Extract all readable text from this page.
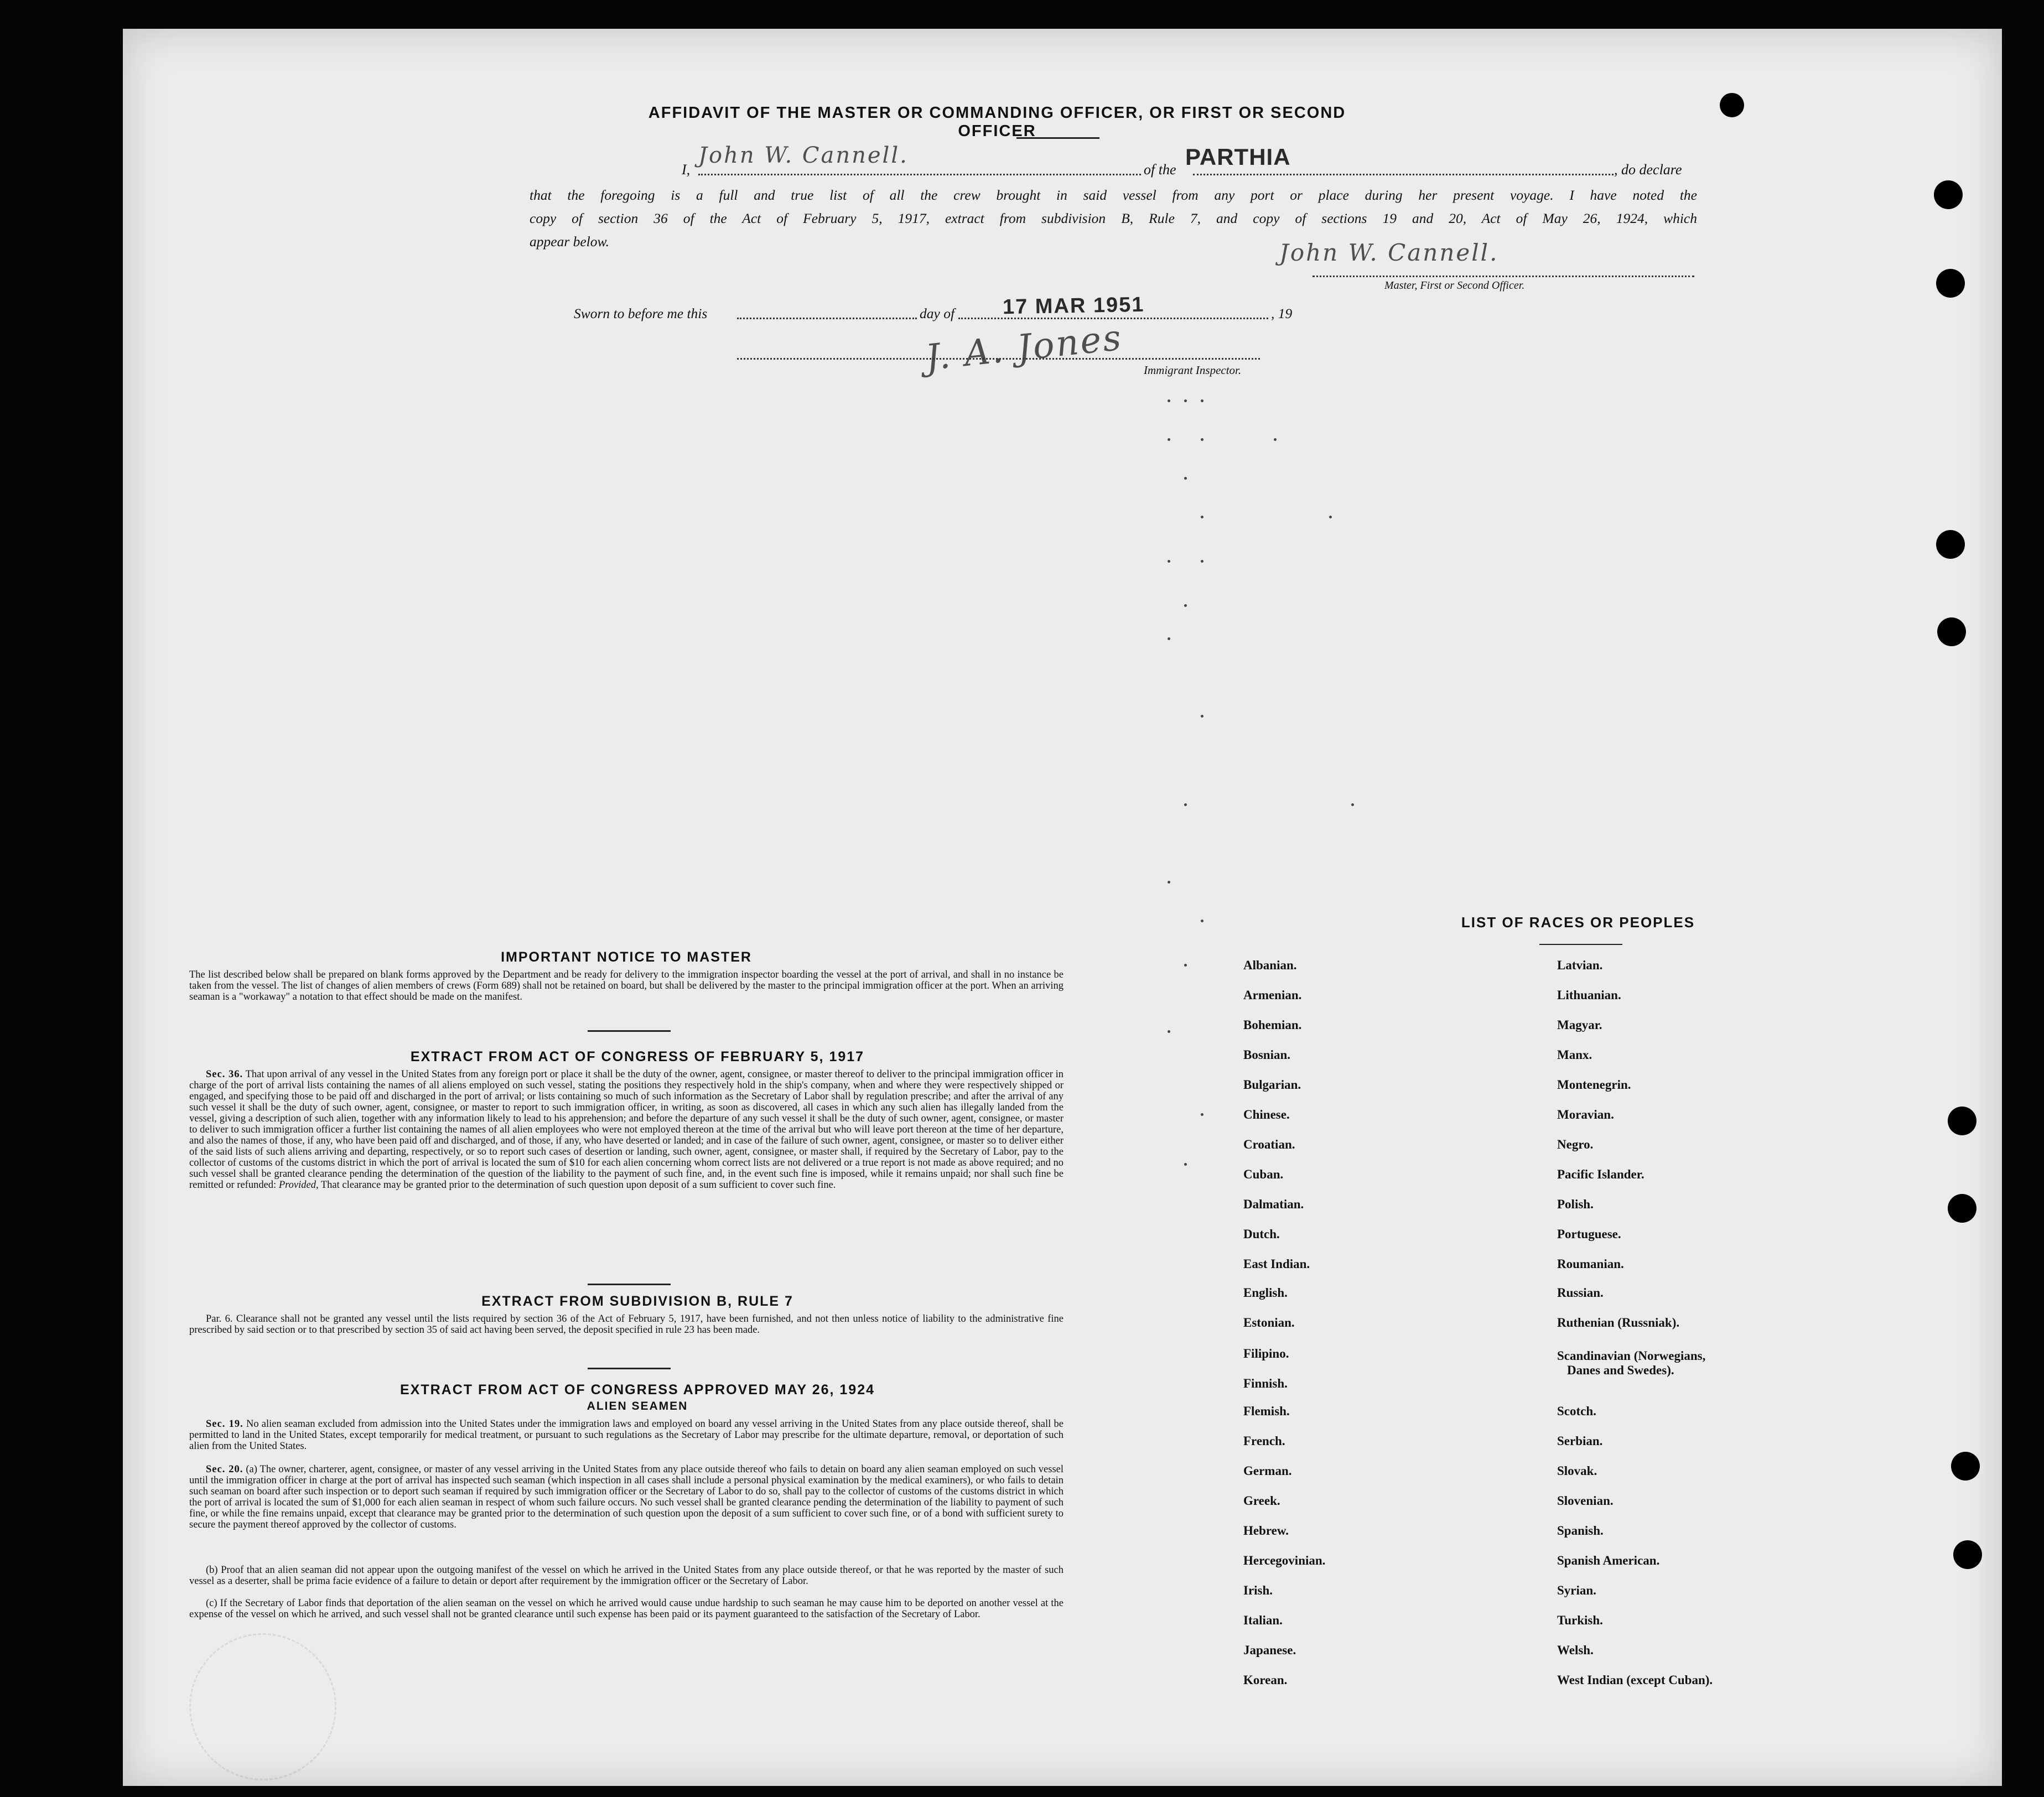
AFFIDAVIT OF THE MASTER OR COMMANDING OFFICER, OR FIRST OR SECOND OFFICER
I,
John W. Cannell.
of the PARTHIA	, do declare
that the foregoing is a full and true list of all the crew brought in said vessel from any port or place during her present voyage. I have noted the
copy of section 36 of the Act of February 5, 1917, extract from subdivision B, Rule 7, and copy of sections 19 and 20, Act of May 26, 1924, which
appear below.	John W. Cannell.
Master, First or Second Officer.
Sworn to before me this	day of 17 MAR 1951	, 19
J. A. Jones Immigrant Inspector.
IMPORTANT NOTICE TO MASTER

The list described below shall be prepared on blank forms approved by the Department and be ready for delivery to the immigration inspector boarding the vessel at the port of arrival, and shall in no instance be taken from the vessel. The list of changes of alien members of crews (Form 689) shall not be retained on board, but shall be delivered by the master to the principal immigration officer at the port. When an arriving seaman is a "workaway" a notation to that effect should be made on the manifest.

EXTRACT FROM ACT OF CONGRESS OF FEBRUARY 5, 1917

Sec. 36. That upon arrival of any vessel in the United States from any foreign port or place it shall be the duty of the owner, agent, consignee, or master thereof to deliver to the principal immigration officer in charge of the port of arrival lists containing the names of all aliens employed on such vessel, stating the positions they respectively hold in the ship's company, when and where they were respectively shipped or engaged, and specifying those to be paid off and discharged in the port of arrival; or lists containing so much of such information as the Secretary of Labor shall by regulation prescribe; and after the arrival of any such vessel it shall be the duty of such owner, agent, consignee, or master to report to such immigration officer, in writing, as soon as discovered, all cases in which any such alien has illegally landed from the vessel, giving a description of such alien, together with any information likely to lead to his apprehension; and before the departure of any such vessel it shall be the duty of such owner, agent, consignee, or master to deliver to such immigration officer a further list containing the names of all alien employees who were not employed thereon at the time of the arrival but who will leave port thereon at the time of her departure, and also the names of those, if any, who have been paid off and discharged, and of those, if any, who have deserted or landed; and in case of the failure of such owner, agent, consignee, or master so to deliver either of the said lists of such aliens arriving and departing, respectively, or so to report such cases of desertion or landing, such owner, agent, consignee, or master shall, if required by the Secretary of Labor, pay to the collector of customs of the customs district in which the port of arrival is located the sum of $10 for each alien concerning whom correct lists are not delivered or a true report is not made as above required; and no such vessel shall be granted clearance pending the determination of the question of the liability to the payment of such fine, and, in the event such fine is imposed, while it remains unpaid; nor shall such fine be remitted or refunded: Provided, That clearance may be granted prior to the determination of such question upon deposit of a sum sufficient to cover such fine.

EXTRACT FROM SUBDIVISION B, RULE 7

Par. 6. Clearance shall not be granted any vessel until the lists required by section 36 of the Act of February 5, 1917, have been furnished, and not then unless notice of liability to the administrative fine prescribed by said section or to that prescribed by section 35 of said act having been served, the deposit specified in rule 23 has been made.

EXTRACT FROM ACT OF CONGRESS APPROVED MAY 26, 1924
ALIEN SEAMEN

Sec. 19. No alien seaman excluded from admission into the United States under the immigration laws and employed on board any vessel arriving in the United States from any place outside thereof, shall be permitted to land in the United States, except temporarily for medical treatment, or pursuant to such regulations as the Secretary of Labor may prescribe for the ultimate departure, removal, or deportation of such alien from the United States.

Sec. 20. (a) The owner, charterer, agent, consignee, or master of any vessel arriving in the United States from any place outside thereof who fails to detain on board any alien seaman employed on such vessel until the immigration officer in charge at the port of arrival has inspected such seaman (which inspection in all cases shall include a personal physical examination by the medical examiners), or who fails to detain such seaman on board after such inspection or to deport such seaman if required by such immigration officer or the Secretary of Labor to do so, shall pay to the collector of customs of the customs district in which the port of arrival is located the sum of $1,000 for each alien seaman in respect of whom such failure occurs. No such vessel shall be granted clearance pending the determination of the liability to payment of such fine, or while the fine remains unpaid, except that clearance may be granted prior to the determination of such question upon the deposit of a sum sufficient to cover such fine, or of a bond with sufficient surety to secure the payment thereof approved by the collector of customs.

(b) Proof that an alien seaman did not appear upon the outgoing manifest of the vessel on which he arrived in the United States from any place outside thereof, or that he was reported by the master of such vessel as a deserter, shall be prima facie evidence of a failure to detain or deport after requirement by the immigration officer or the Secretary of Labor.

(c) If the Secretary of Labor finds that deportation of the alien seaman on the vessel on which he arrived would cause undue hardship to such seaman he may cause him to be deported on another vessel at the expense of the vessel on which he arrived, and such vessel shall not be granted clearance until such expense has been paid or its payment guaranteed to the satisfaction of the Secretary of Labor.

LIST OF RACES OR PEOPLES
Albanian.
Armenian.
Bohemian.
Bosnian.
Bulgarian.
Chinese.
Croatian.
Cuban.
Dalmatian.
Dutch.
East Indian.
English.
Estonian.
Filipino.
Finnish.
Flemish.
French.
German.
Greek.
Hebrew.
Hercegovinian.
Irish.
Italian.
Japanese.
Korean.
Latvian.
Lithuanian.
Magyar.
Manx.
Montenegrin.
Moravian.
Negro.
Pacific Islander.
Polish.
Portuguese.
Roumanian.
Russian.
Ruthenian (Russniak).
Scandinavian (Norwegians,
Danes and Swedes).
Scotch.
Serbian.
Slovak.
Slovenian.
Spanish.
Spanish American.
Syrian.
Turkish.
Welsh.
West Indian (except Cuban).
